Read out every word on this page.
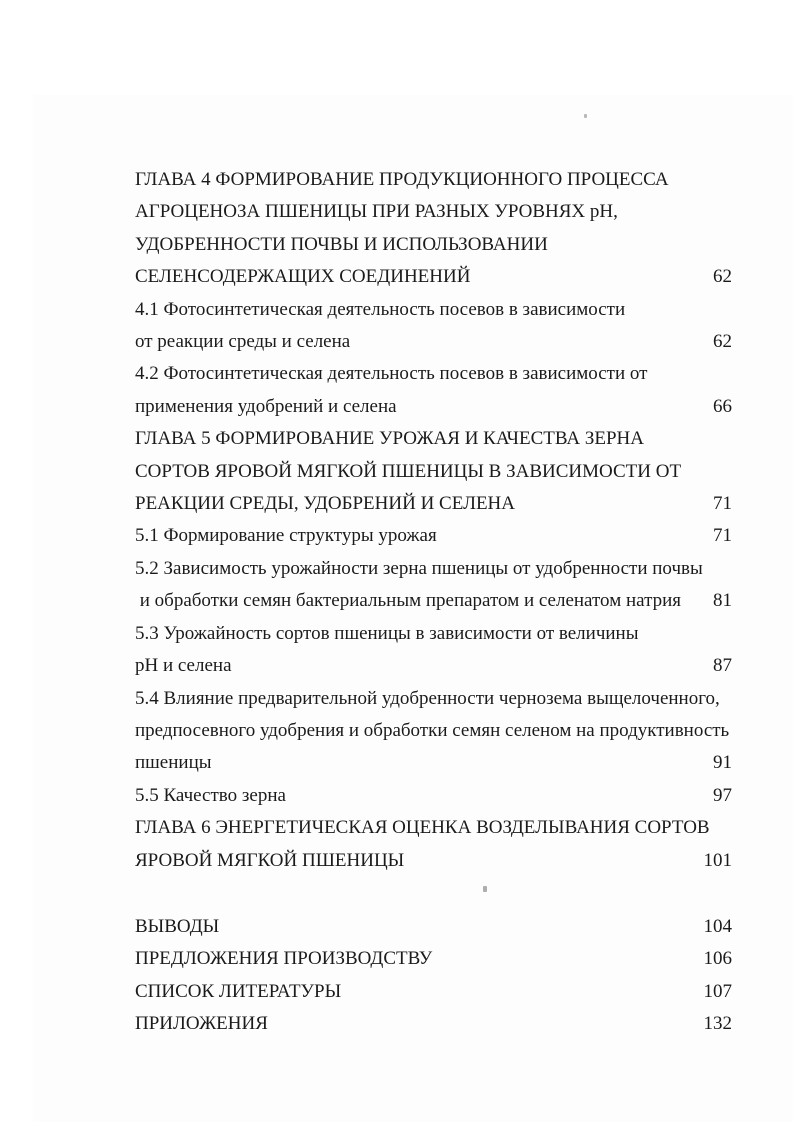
ГЛАВА 4 ФОРМИРОВАНИЕ ПРОДУКЦИОННОГО ПРОЦЕССА
АГРОЦЕНОЗА ПШЕНИЦЫ ПРИ РАЗНЫХ УРОВНЯХ pH,
УДОБРЕННОСТИ ПОЧВЫ И ИСПОЛЬЗОВАНИИ
СЕЛЕНСОДЕРЖАЩИХ СОЕДИНЕНИЙ	62
4.1 Фотосинтетическая деятельность посевов в зависимости
от реакции среды и селена	62
4.2 Фотосинтетическая деятельность посевов в зависимости от
применения удобрений и селена	66
ГЛАВА 5 ФОРМИРОВАНИЕ УРОЖАЯ И КАЧЕСТВА ЗЕРНА
СОРТОВ ЯРОВОЙ МЯГКОЙ ПШЕНИЦЫ В ЗАВИСИМОСТИ ОТ
РЕАКЦИИ СРЕДЫ, УДОБРЕНИЙ И СЕЛЕНА	71
5.1 Формирование структуры урожая	71
5.2 Зависимость урожайности зерна пшеницы от удобренности почвы
и обработки семян бактериальным препаратом и селенатом натрия	81
5.3 Урожайность сортов пшеницы в зависимости от величины
pH и селена	87
5.4 Влияние предварительной удобренности чернозема выщелоченного,
предпосевного удобрения и обработки семян селеном на продуктивность
пшеницы	91
5.5 Качество зерна	97
ГЛАВА 6 ЭНЕРГЕТИЧЕСКАЯ ОЦЕНКА ВОЗДЕЛЫВАНИЯ СОРТОВ
ЯРОВОЙ МЯГКОЙ ПШЕНИЦЫ	101
ВЫВОДЫ	104
ПРЕДЛОЖЕНИЯ ПРОИЗВОДСТВУ	106
СПИСОК ЛИТЕРАТУРЫ	107
ПРИЛОЖЕНИЯ	132
